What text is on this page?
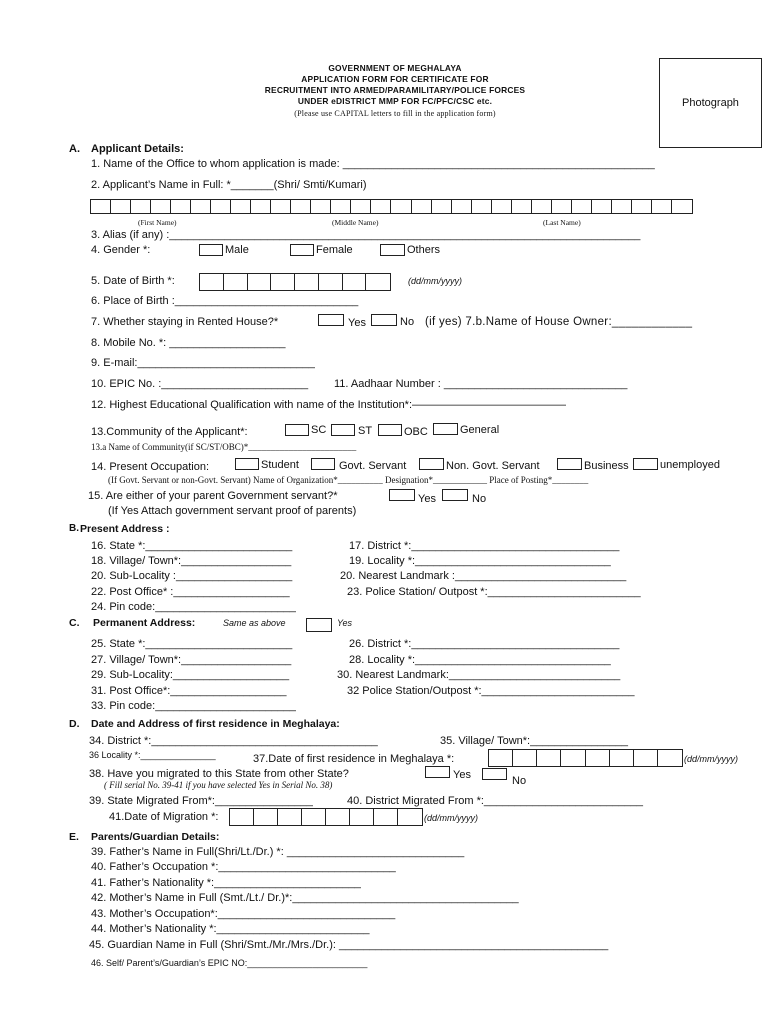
GOVERNMENT OF MEGHALAYA
APPLICATION FORM FOR CERTIFICATE FOR
RECRUITMENT INTO ARMED/PARAMILITARY/POLICE FORCES
UNDER eDISTRICT MMP FOR FC/PFC/CSC etc.
(Please use CAPITAL letters to fill in the application form)
Photograph
A. Applicant Details:
1. Name of the Office to whom application is made: ___________________________________________________
2. Applicant’s Name in Full: *_______(Shri/ Smti/Kumari)
(First Name)	(Middle Name)	(Last Name)
3. Alias (if any) :_____________________________________________________________________________
4. Gender *:	Male	Female	Others
5. Date of Birth *:	(dd/mm/yyyy)
6. Place of Birth :______________________________
7. Whether staying in Rented House?*	Yes	No (if yes) 7.b.Name of House Owner:____________
8. Mobile No. *: ___________________
9. E-mail:_____________________________
10. EPIC No. :________________________ 11. Aadhaar Number : ______________________________
12. Highest Educational Qualification with name of the Institution*:——————————————
13.Community of the Applicant*:	SC	ST	OBC	General
13.a Name of Community(if SC/ST/OBC)*________________________
14. Present Occupation:	Student	Govt. Servant	Non. Govt. Servant	Business	unemployed
(If Govt. Servant or non-Govt. Servant) Name of Organization*__________ Designation*____________ Place of Posting*________
15. Are either of your parent Government servant?*	Yes	No
(If Yes Attach government servant proof of parents)
B. Present Address :
16. State *:________________________	17. District *:__________________________________
18. Village/ Town*:__________________	19. Locality *:________________________________
20. Sub-Locality :___________________	20. Nearest Landmark :____________________________
22. Post Office* :___________________	23. Police Station/ Outpost *:_________________________
24. Pin code:_______________________
C. Permanent Address:	Same as above	Yes
25. State *:________________________	26. District *:__________________________________
27. Village/ Town*:__________________	28. Locality *:________________________________
29. Sub-Locality:___________________	30. Nearest Landmark:____________________________
31. Post Office*:___________________	32 Police Station/Outpost *:_________________________
33. Pin code:_______________________
D. Date and Address of first residence in Meghalaya:
34. District *:_____________________________________	35. Village/ Town*:________________
36 Locality *:_______________	37.Date of first residence in Meghalaya *:	(dd/mm/yyyy)
38. Have you migrated to this State from other State?	Yes	No
( Fill serial No. 39-41 if you have selected Yes in Serial No. 38)
39. State Migrated From*:________________	40. District Migrated From *:__________________________
41.Date of Migration *:	(dd/mm/yyyy)
E. Parents/Guardian Details:
39. Father’s Name in Full(Shri/Lt./Dr.) *: _____________________________
40. Father’s Occupation *:_____________________________
41. Father’s Nationality *:________________________
42. Mother’s Name in Full (Smt./Lt./ Dr.)*:_____________________________________
43. Mother’s Occupation*:_____________________________
44. Mother’s Nationality *:_________________________
45. Guardian Name in Full (Shri/Smt./Mr./Mrs./Dr.): ____________________________________________
46. Self/ Parent’s/Guardian’s EPIC NO:________________________
